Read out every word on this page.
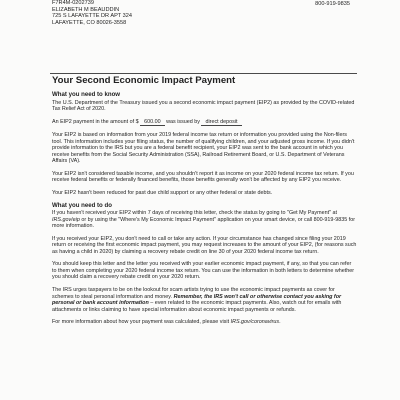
F7R4M-0202739
ELIZABETH M BEAUDDIN
725 S LAFAYETTE DR APT 324
LAFAYETTE, CO 80026-3558
800-919-9835
Your Second Economic Impact Payment
What you need to know

The U.S. Department of the Treasury issued you a second economic impact payment (EIP2) as provided by the COVID-related Tax Relief Act of 2020.

An EIP2 payment in the amount of $ 600.00 was issued by direct deposit

Your EIP2 is based on information from your 2019 federal income tax return or information you provided using the Non-filers tool. This information includes your filing status, the number of qualifying children, and your adjusted gross income. If you didn't provide information to the IRS but you are a federal benefit recipient, your EIP2 was sent to the bank account in which you receive benefits from the Social Security Administration (SSA), Railroad Retirement Board, or U.S. Department of Veterans Affairs (VA).

Your EIP2 isn't considered taxable income, and you shouldn't report it as income on your 2020 federal income tax return. If you receive federal benefits or federally financed benefits, those benefits generally won't be affected by any EIP2 you receive.

Your EIP2 hasn't been reduced for past due child support or any other federal or state debts.

What you need to do

If you haven't received your EIP2 within 7 days of receiving this letter, check the status by going to "Get My Payment" at IRS.gov/eip or by using the "Where's My Economic Impact Payment" application on your smart device, or call 800-919-9835 for more information.

If you received your EIP2, you don't need to call or take any action. If your circumstance has changed since filing your 2019 return or receiving the first economic impact payment, you may request increases to the amount of your EIP2, (for reasons such as having a child in 2020) by claiming a recovery rebate credit on line 30 of your 2020 federal income tax return.

You should keep this letter and the letter you received with your earlier economic impact payment, if any, so that you can refer to them when completing your 2020 federal income tax return. You can use the information in both letters to determine whether you should claim a recovery rebate credit on your 2020 return.

The IRS urges taxpayers to be on the lookout for scam artists trying to use the economic impact payments as cover for schemes to steal personal information and money. Remember, the IRS won't call or otherwise contact you asking for personal or bank account information – even related to the economic impact payments. Also, watch out for emails with attachments or links claiming to have special information about economic impact payments or refunds.

For more information about how your payment was calculated, please visit IRS.gov/coronavirus.
